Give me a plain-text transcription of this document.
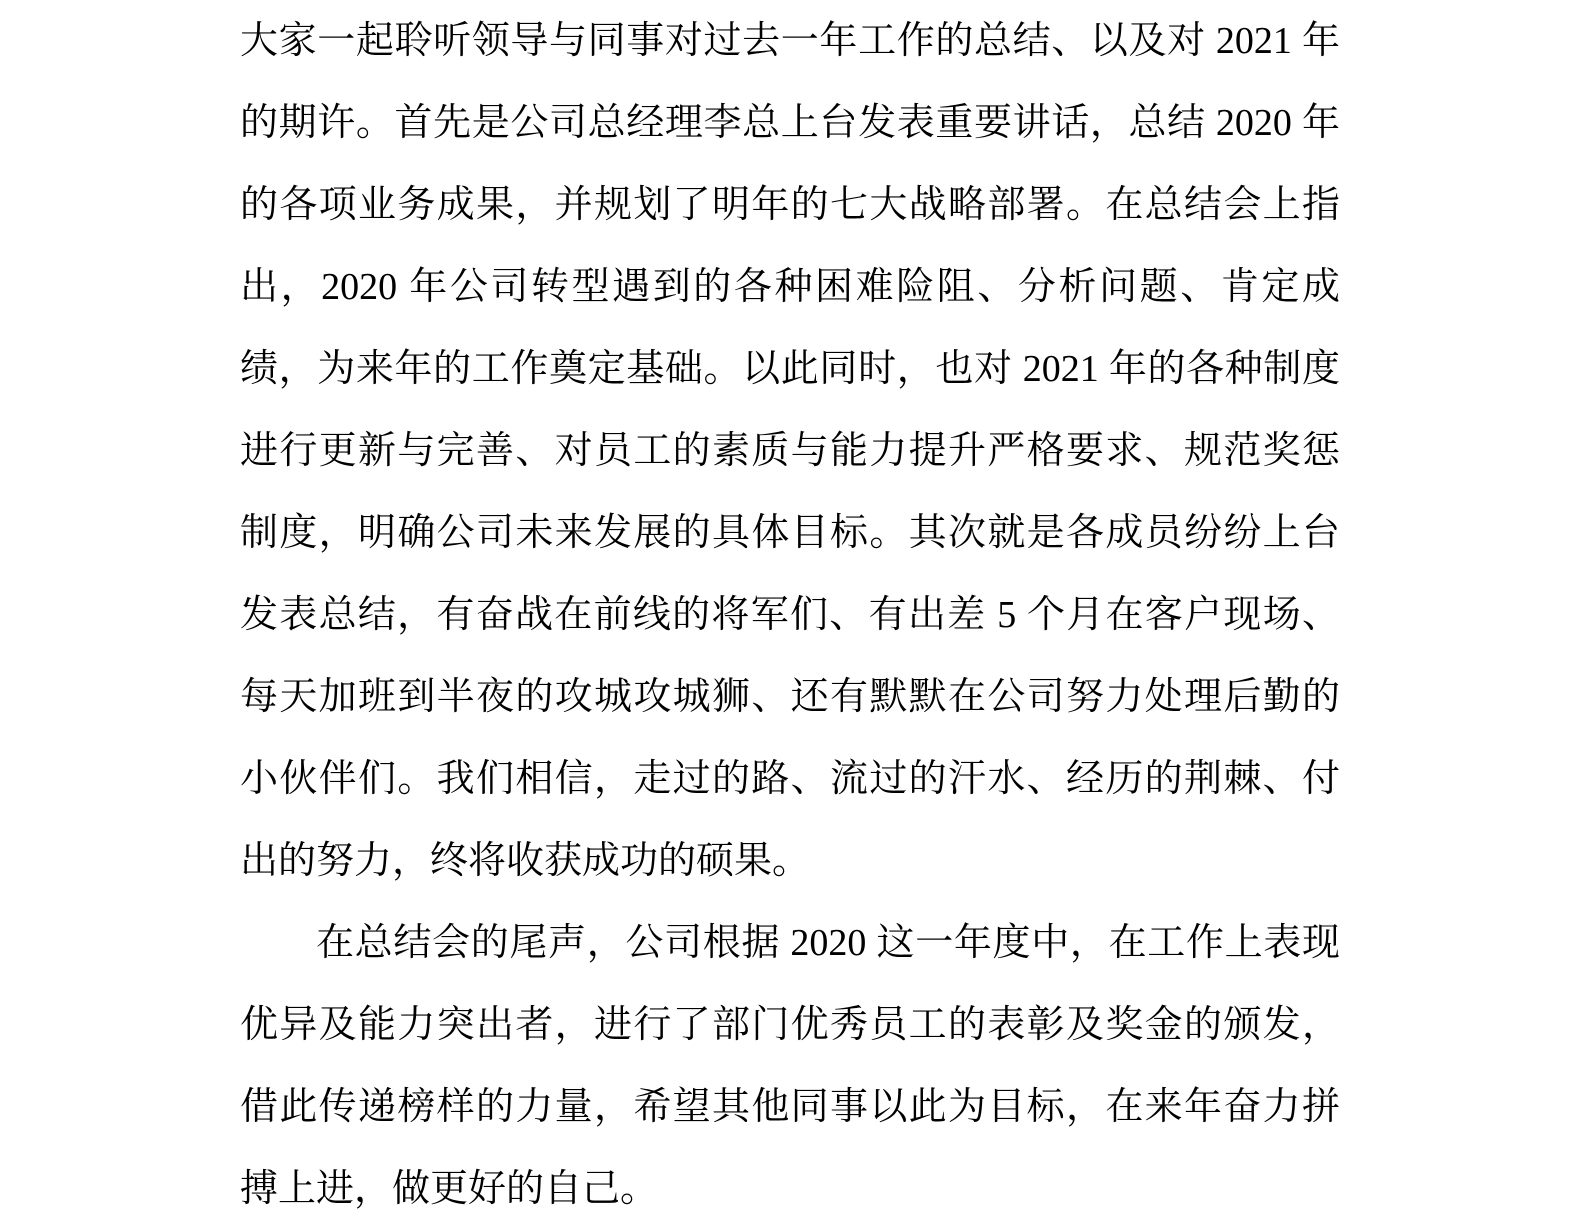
大家一起聆听领导与同事对过去一年工作的总结、以及对 2021 年的期许。首先是公司总经理李总上台发表重要讲话，总结 2020 年的各项业务成果，并规划了明年的七大战略部署。在总结会上指出，2020 年公司转型遇到的各种困难险阻、分析问题、肯定成绩，为来年的工作奠定基础。以此同时，也对 2021 年的各种制度进行更新与完善、对员工的素质与能力提升严格要求、规范奖惩制度，明确公司未来发展的具体目标。其次就是各成员纷纷上台发表总结，有奋战在前线的将军们、有出差 5 个月在客户现场、每天加班到半夜的攻城攻城狮、还有默默在公司努力处理后勤的小伙伴们。我们相信，走过的路、流过的汗水、经历的荆棘、付出的努力，终将收获成功的硕果。

在总结会的尾声，公司根据 2020 这一年度中，在工作上表现优异及能力突出者，进行了部门优秀员工的表彰及奖金的颁发，借此传递榜样的力量，希望其他同事以此为目标，在来年奋力拼搏上进，做更好的自己。
